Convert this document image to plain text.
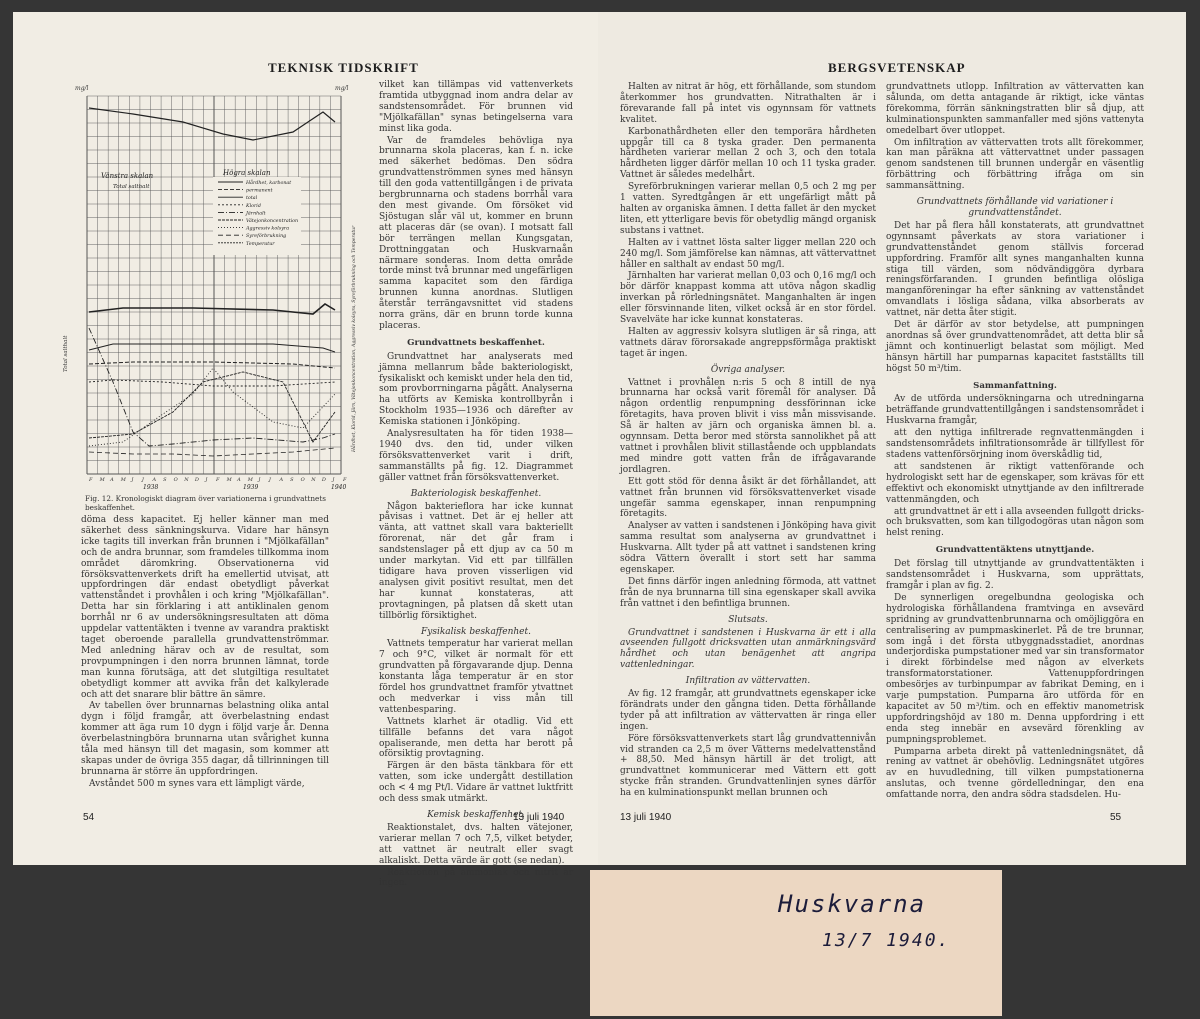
TEKNISK TIDSKRIFT
mg/l	mg/l
Total salthalt	Hårdhet, Klorid, Järn, Vätejonkoncentration, Aggressiv kolsyra, Syreförbrukning och Temperatur
Vänstra skalan
Total salthalt
Högra skalan
Hårdhet, karbonat
permanent
total
Klorid
Järnhalt
Vätejonkoncentration
Aggressiv kolsyra
Syreförbrukning
Temperatur
F M A M J J A S O N D J F M A M J J A S O N D J F
1938	1939	1940
Fig. 12. Kronologiskt diagram över variationerna i grundvattnets beskaffenhet.

döma dess kapacitet. Ej heller känner man med säkerhet dess sänkningskurva. Vidare har hänsyn icke tagits till inverkan från brunnen i "Mjölkafällan" och de andra brunnar, som framdeles tillkomma inom området däromkring. Observationerna vid försöksvattenverkets drift ha emellertid utvisat, att uppfordringen där endast obetydligt påverkat vattenståndet i provhålen i och kring "Mjölkafällan". Detta har sin förklaring i att antiklinalen genom borrhål nr 6 av undersökningsresultaten att döma uppdelar vattentäkten i tvenne av varandra praktiskt taget oberoende parallella grundvattenströmmar. Med anledning härav och av de resultat, som provpumpningen i den norra brunnen lämnat, torde man kunna förutsäga, att det slutgiltiga resultatet obetydligt kommer att avvika från det kalkylerade och att det snarare blir bättre än sämre.

Av tabellen över brunnarnas belastning olika antal dygn i följd framgår, att överbelastning endast kommer att äga rum 10 dygn i följd varje år. Denna överbelastningböra brunnarna utan svårighet kunna tåla med hänsyn till det magasin, som kommer att skapas under de övriga 355 dagar, då tillrinningen till brunnarna är större än uppfordringen.

Avståndet 500 m synes vara ett lämpligt värde,

vilket kan tillämpas vid vattenverkets framtida utbyggnad inom andra delar av sandstensområdet. För brunnen vid "Mjölkafällan" synas betingelserna vara minst lika goda.

Var de framdeles behövliga nya brunnarna skola placeras, kan f. n. icke med säkerhet bedömas. Den södra grundvattenströmmen synes med hänsyn till den goda vattentillgången i de privata bergbrunnarna och stadens borrhål vara den mest givande. Om försöket vid Sjöstugan slår väl ut, kommer en brunn att placeras där (se ovan). I motsatt fall bör terrängen mellan Kungsgatan, Drottninggatan och Huskvarnaån närmare sonderas. Inom detta område torde minst två brunnar med ungefärligen samma kapacitet som den färdiga brunnen kunna anordnas. Slutligen återstår terrängavsnittet vid stadens norra gräns, där en brunn torde kunna placeras.

Grundvattnets beskaffenhet.

Grundvattnet har analyserats med jämna mellanrum både bakteriologiskt, fysikaliskt och kemiskt under hela den tid, som provborrningarna pågått. Analyserna ha utförts av Kemiska kontrollbyrån i Stockholm 1935—1936 och därefter av Kemiska stationen i Jönköping.

Analysresultaten ha för tiden 1938—1940 dvs. den tid, under vilken försöksvattenverket varit i drift, sammanställts på fig. 12. Diagrammet gäller vattnet från försöksvattenverket.

Bakteriologisk beskaffenhet.

Någon bakterieflora har icke kunnat påvisas i vattnet. Det är ej heller att vänta, att vattnet skall vara bakteriellt förorenat, när det går fram i sandstenslager på ett djup av ca 50 m under markytan. Vid ett par tillfällen tidigare hava proven visserligen vid analysen givit positivt resultat, men det har kunnat konstateras, att provtagningen, på platsen då skett utan tillbörlig försiktighet.

Fysikalisk beskaffenhet.

Vattnets temperatur har varierat mellan 7 och 9°C, vilket är normalt för ett grundvatten på förgavarande djup. Denna konstanta låga temperatur är en stor fördel hos grundvattnet framför ytvattnet och medverkar i viss mån till vattenbesparing.

Vattnets klarhet är otadlig. Vid ett tillfälle befanns det vara något opaliserande, men detta har berott på oförsiktig provtagning.

Färgen är den bästa tänkbara för ett vatten, som icke undergått destillation och < 4 mg Pt/l. Vidare är vattnet luktfritt och dess smak utmärkt.

Kemisk beskaffenhet.

Reaktionstalet, dvs. halten vätejoner, varierar mellan 7 och 7,5, vilket betyder, att vattnet är neutralt eller svagt alkaliskt. Detta värde är gott (se nedan).

Reaktionen på ammoniak och nitrit är ingen.

54	13 juli 1940
BERGSVETENSKAP

Halten av nitrat är hög, ett förhållande, som stundom återkommer hos grundvatten. Nitrathalten är i förevarande fall på intet vis ogynnsam för vattnets kvalitet.

Karbonathårdheten eller den temporära hårdheten uppgår till ca 8 tyska grader. Den permanenta hårdheten varierar mellan 2 och 3, och den totala hårdheten ligger därför mellan 10 och 11 tyska grader. Vattnet är således medelhårt.

Syreförbrukningen varierar mellan 0,5 och 2 mg per 1 vatten. Syredtgången är ett ungefärligt mått på halten av organiska ämnen. I detta fallet är den mycket liten, ett ytterligare bevis för obetydlig mängd organisk substans i vattnet.

Halten av i vattnet lösta salter ligger mellan 220 och 240 mg/l. Som jämförelse kan nämnas, att vättervattnet håller en salthalt av endast 50 mg/l.

Järnhalten har varierat mellan 0,03 och 0,16 mg/l och bör därför knappast komma att utöva någon skadlig inverkan på rörledningsnätet. Manganhalten är ingen eller försvinnande liten, vilket också är en stor fördel. Svavelväte har icke kunnat konstateras.

Halten av aggressiv kolsyra slutligen är så ringa, att vattnets därav förorsakade angreppsförmåga praktiskt taget är ingen.

Övriga analyser.

Vattnet i provhålen n:ris 5 och 8 intill de nya brunnarna har också varit föremål för analyser. Då någon ordentlig renpumpning dessförinnan icke företagits, hava proven blivit i viss mån missvisande. Så är halten av järn och organiska ämnen bl. a. ogynnsam. Detta beror med största sannolikhet på att vattnet i provhålen blivit stillastående och uppblandats med mindre gott vatten från de ifrågavarande jordlagren.

Ett gott stöd för denna åsikt är det förhållandet, att vattnet från brunnen vid försöksvattenverket visade ungefär samma egenskaper, innan renpumpning företagits.

Analyser av vatten i sandstenen i Jönköping hava givit samma resultat som analyserna av grundvattnet i Huskvarna. Allt tyder på att vattnet i sandstenen kring södra Vättern överallt i stort sett har samma egenskaper.

Det finns därför ingen anledning förmoda, att vattnet från de nya brunnarna till sina egenskaper skall avvika från vattnet i den befintliga brunnen.

Slutsats.

Grundvattnet i sandstenen i Huskvarna är ett i alla avseenden fullgott dricksvatten utan anmärkningsvärd hårdhet och utan benägenhet att angripa vattenledningar.

Infiltration av vättervatten.

Av fig. 12 framgår, att grundvattnets egenskaper icke förändrats under den gångna tiden. Detta förhållande tyder på att infiltration av vättervatten är ringa eller ingen.

Före försöksvattenverkets start låg grundvattennivån vid stranden ca 2,5 m över Vätterns medelvattenstånd + 88,50. Med hänsyn härtill är det troligt, att grundvattnet kommunicerar med Vättern ett gott stycke från stranden. Grundvattenlinjen synes därför ha en kulminationspunkt mellan brunnen och

grundvattnets utlopp. Infiltration av vättervatten kan sålunda, om detta antagande är riktigt, icke väntas förekomma, förrän sänkningstratten blir så djup, att kulminationspunkten sammanfaller med sjöns vattenyta omedelbart över utloppet.

Om infiltration av vättervatten trots allt förekommer, kan man påräkna att vättervattnet under passagen genom sandstenen till brunnen undergår en väsentlig förbättring och förbättring ifråga om sin sammansättning.

Grundvattnets förhållande vid variationer i grundvattenståndet.

Det har på flera håll konstaterats, att grundvattnet ogynnsamt påverkats av stora variationer i grundvattenståndet genom ställvis forcerad uppfordring. Framför allt synes manganhalten kunna stiga till värden, som nödvändiggöra dyrbara reningsförfaranden. I grunden befintliga olösliga manganföreningar ha efter sänkning av vattenståndet omvandlats i lösliga sådana, vilka absorberats av vattnet, när detta åter stigit.

Det är därför av stor betydelse, att pumpningen anordnas så över grundvattenområdet, att detta blir så jämnt och kontinuerligt belastat som möjligt. Med hänsyn härtill har pumparnas kapacitet fastställts till högst 50 m³/tim.

Sammanfattning.

Av de utförda undersökningarna och utredningarna beträffande grundvattentillgången i sandstensområdet i Huskvarna framgår,

att den nyttiga infiltrerade regnvattenmängden i sandstensområdets infiltrationsområde är tillfyllest för stadens vattenförsörjning inom överskådlig tid,

att sandstenen är riktigt vattenförande och hydrologiskt sett har de egenskaper, som krävas för ett effektivt och ekonomiskt utnyttjande av den infiltrerade vattenmängden, och

att grundvattnet är ett i alla avseenden fullgott dricks- och bruksvatten, som kan tillgodogöras utan någon som helst rening.

Grundvattentäktens utnyttjande.

Det förslag till utnyttjande av grundvattentäkten i sandstensområdet i Huskvarna, som upprättats, framgår i plan av fig. 2.

De synnerligen oregelbundna geologiska och hydrologiska förhållandena framtvinga en avsevärd spridning av grundvattenbrunnarna och omöjliggöra en centralisering av pumpmaskinerlet. På de tre brunnar, som ingå i det första utbyggnadsstadiet, anordnas underjordiska pumpstationer med var sin transformator i direkt förbindelse med någon av elverkets transformatorstationer. Vattenuppfordringen ombesörjes av turbinpumpar av fabrikat Deming, en i varje pumpstation. Pumparna äro utförda för en kapacitet av 50 m³/tim. och en effektiv manometrisk uppfordringshöjd av 180 m. Denna uppfordring i ett enda steg innebär en avsevärd förenkling av pumpningsproblemet.

Pumparna arbeta direkt på vattenledningsnätet, då rening av vattnet är obehövlig. Ledningsnätet utgöres av en huvudledning, till vilken pumpstationerna anslutas, och tvenne gördelledningar, den ena omfattande norra, den andra södra stadsdelen. Hu-

13 juli 1940	55
Huskvarna
13/7 1940.
